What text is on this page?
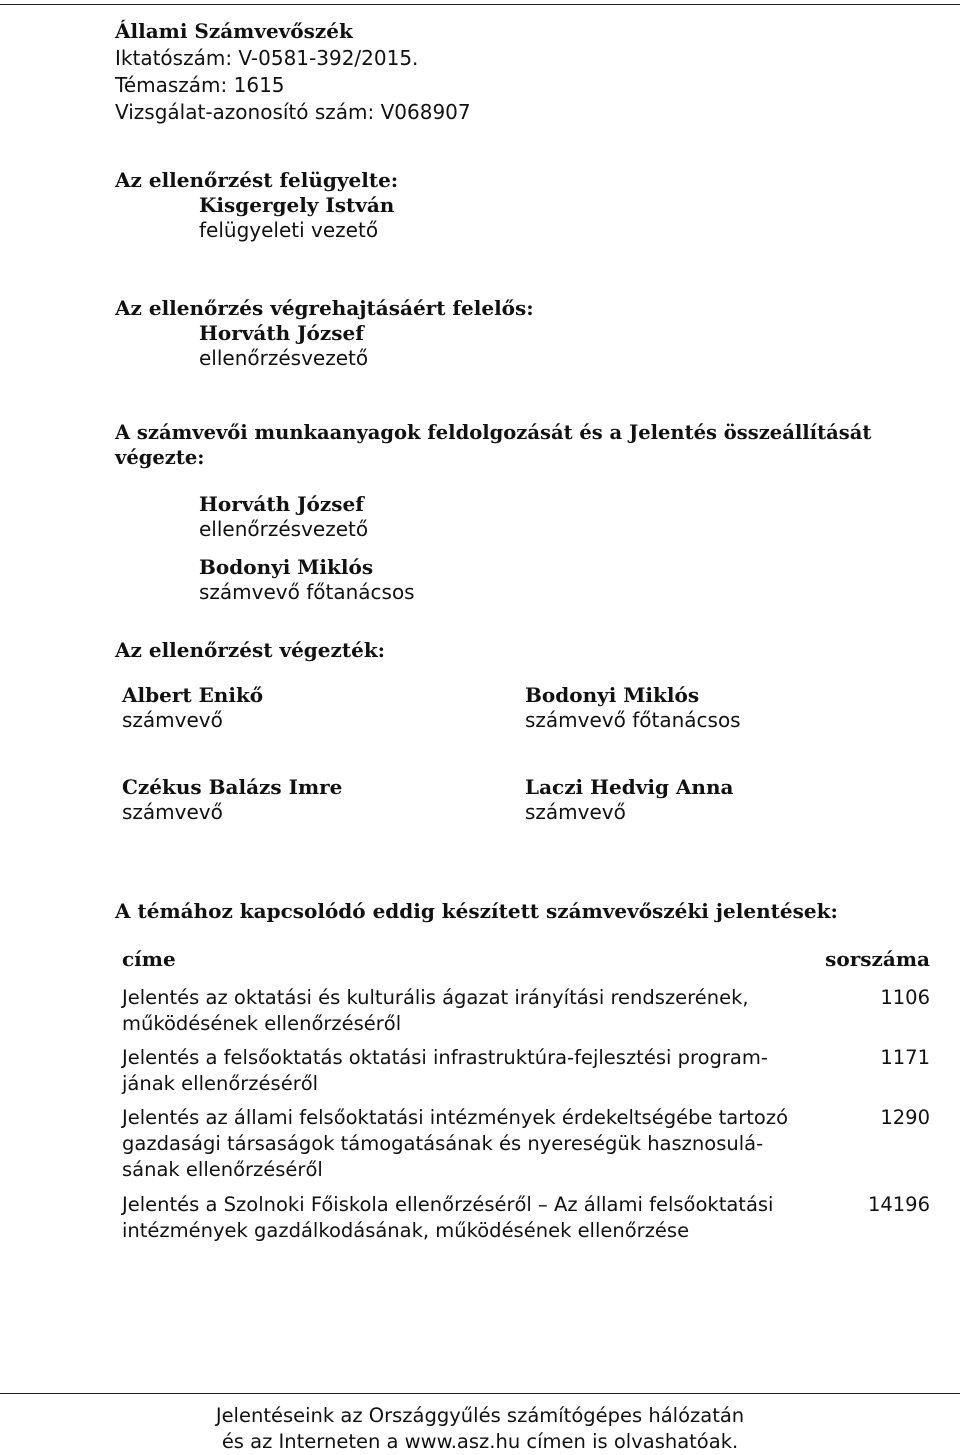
Állami Számvevőszék
Iktatószám: V-0581-392/2015.
Témaszám: 1615
Vizsgálat-azonosító szám: V068907
Az ellenőrzést felügyelte:
Kisgergely István
felügyeleti vezető
Az ellenőrzés végrehajtásáért felelős:
Horváth József
ellenőrzésvezető
A számvevői munkaanyagok feldolgozását és a Jelentés összeállítását
végezte:
Horváth József
ellenőrzésvezető
Bodonyi Miklós
számvevő főtanácsos
Az ellenőrzést végezték:
Albert Enikő
számvevő
Bodonyi Miklós
számvevő főtanácsos
Czékus Balázs Imre
számvevő
Laczi Hedvig Anna
számvevő
A témához kapcsolódó eddig készített számvevőszéki jelentések:
címe	sorszáma
Jelentés az oktatási és kulturális ágazat irányítási rendszerének,
működésének ellenőrzéséről
1106
Jelentés a felsőoktatás oktatási infrastruktúra-fejlesztési program-
jának ellenőrzéséről
1171
Jelentés az állami felsőoktatási intézmények érdekeltségébe tartozó
gazdasági társaságok támogatásának és nyereségük hasznosulá-
sának ellenőrzéséről
1290
Jelentés a Szolnoki Főiskola ellenőrzéséről – Az állami felsőoktatási
intézmények gazdálkodásának, működésének ellenőrzése
14196
Jelentéseink az Országgyűlés számítógépes hálózatán
és az Interneten a www.asz.hu címen is olvashatóak.
